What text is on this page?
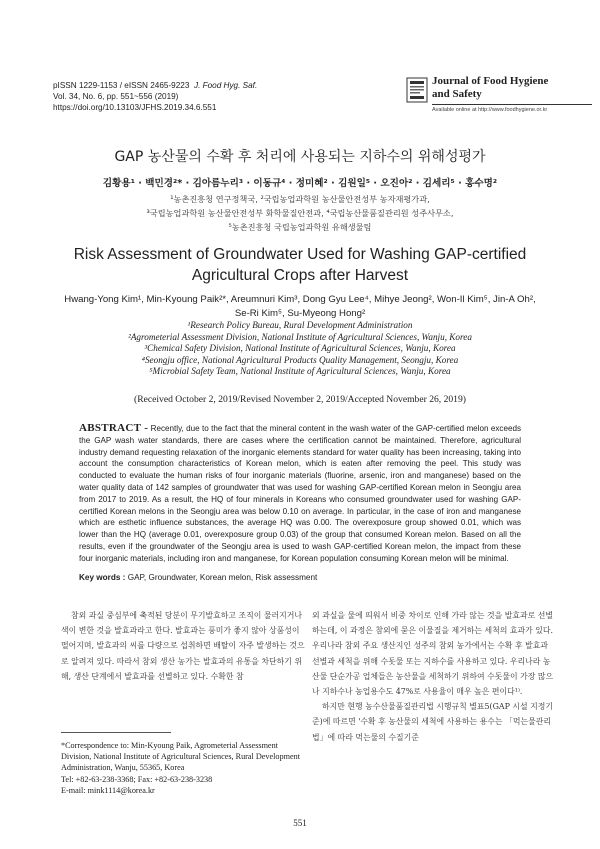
pISSN 1229-1153 / eISSN 2465-9223 J. Food Hyg. Saf.
Vol. 34, No. 6, pp. 551~556 (2019)
https://doi.org/10.13103/JFHS.2019.34.6.551
Journal of Food Hygiene
and Safety
Available online at http://www.foodhygiene.or.kr
GAP 농산물의 수확 후 처리에 사용되는 지하수의 위해성평가
김황용¹ · 백민경²* · 김아름누리³ · 이동규⁴ · 정미혜² · 김원일⁵ · 오진아² · 김세리⁵ · 홍수명²
¹농촌진흥청 연구정책국, ²국립농업과학원 농산물안전성부 농자재평가과,
³국립농업과학원 농산물안전성부 화학물질안전과, ⁴국립농산물품질관리원 성주사무소,
⁵농촌진흥청 국립농업과학원 유해생물팀
Risk Assessment of Groundwater Used for Washing GAP-certified
Agricultural Crops after Harvest
Hwang-Yong Kim¹, Min-Kyoung Paik²*, Areumnuri Kim³, Dong Gyu Lee⁴, Mihye Jeong², Won-Il Kim⁵, Jin-A Oh²,
Se-Ri Kim⁵, Su-Myeong Hong²
¹Research Policy Bureau, Rural Development Administration
²Agrometerial Assessment Division, National Institute of Agricultural Sciences, Wanju, Korea
³Chemical Safety Division, National Institute of Agricultural Sciences, Wanju, Korea
⁴Seongju office, National Agricultural Products Quality Management, Seongju, Korea
⁵Microbial Safety Team, National Institute of Agricultural Sciences, Wanju, Korea
(Received October 2, 2019/Revised November 2, 2019/Accepted November 26, 2019)
ABSTRACT - Recently, due to the fact that the mineral content in the wash water of the GAP-certified melon exceeds the GAP wash water standards, there are cases where the certification cannot be maintained. Therefore, agricultural industry demand requesting relaxation of the inorganic elements standard for water quality has been increasing, taking into account the consumption characteristics of Korean melon, which is eaten after removing the peel. This study was conducted to evaluate the human risks of four inorganic materials (fluorine, arsenic, iron and manganese) based on the water quality data of 142 samples of groundwater that was used for washing GAP-certified Korean melon in Seongju area from 2017 to 2019. As a result, the HQ of four minerals in Koreans who consumed groundwater used for washing GAP-certified Korean melons in the Seongju area was below 0.10 on average. In particular, in the case of iron and manganese which are esthetic influence substances, the average HQ was 0.00. The overexposure group showed 0.01, which was lower than the HQ (average 0.01, overexposure group 0.03) of the group that consumed Korean melon. Based on all the results, even if the groundwater of the Seongju area is used to wash GAP-certified Korean melon, the impact from these four inorganic materials, including iron and manganese, for Korean population consuming Korean melon will be minimal.
Key words : GAP, Groundwater, Korean melon, Risk assessment

참외 과실 중심부에 축적된 당분이 무기발효하고 조직이 물러지거나 색이 변한 것을 발효과라고 한다. 발효과는 풍미가 좋지 않아 상품성이 떨어지며, 발효과의 씨를 다량으로 섭취하면 배탈이 자주 발생하는 것으로 알려져 있다. 따라서 참외 생산 농가는 발효과의 유통을 차단하기 위해, 생산 단계에서 발효과를 선별하고 있다. 수확한 참

외 과실을 물에 띄워서 비중 차이로 인해 가라 않는 것을 발효과로 선별하는데, 이 과정은 참외에 묻은 이물질을 제거하는 세척의 효과가 있다. 우리나라 참외 주요 생산지인 성주의 참외 농가에서는 수확 후 발효과 선별과 세척을 위해 수돗물 또는 지하수를 사용하고 있다. 우리나라 농산물 단순가공 업체들은 농산물을 세척하기 위하여 수돗물이 가장 많으나 지하수나 농업용수도 47%로 사용율이 매우 높은 편이다¹⁾.

하지만 현행 농수산물품질관리법 시행규칙 별표5(GAP 시설 지정기준)에 따르면 '수확 후 농산물의 세척에 사용하는 용수는 「먹는물관리법」에 따라 먹는물의 수질기준

*Correspondence to: Min-Kyoung Paik, Agrometerial Assessment Division, National Institute of Agricultural Sciences, Rural Development Administration, Wanju, 55365, Korea
Tel: +82-63-238-3368; Fax: +82-63-238-3238
E-mail: mink1114@korea.kr
551
